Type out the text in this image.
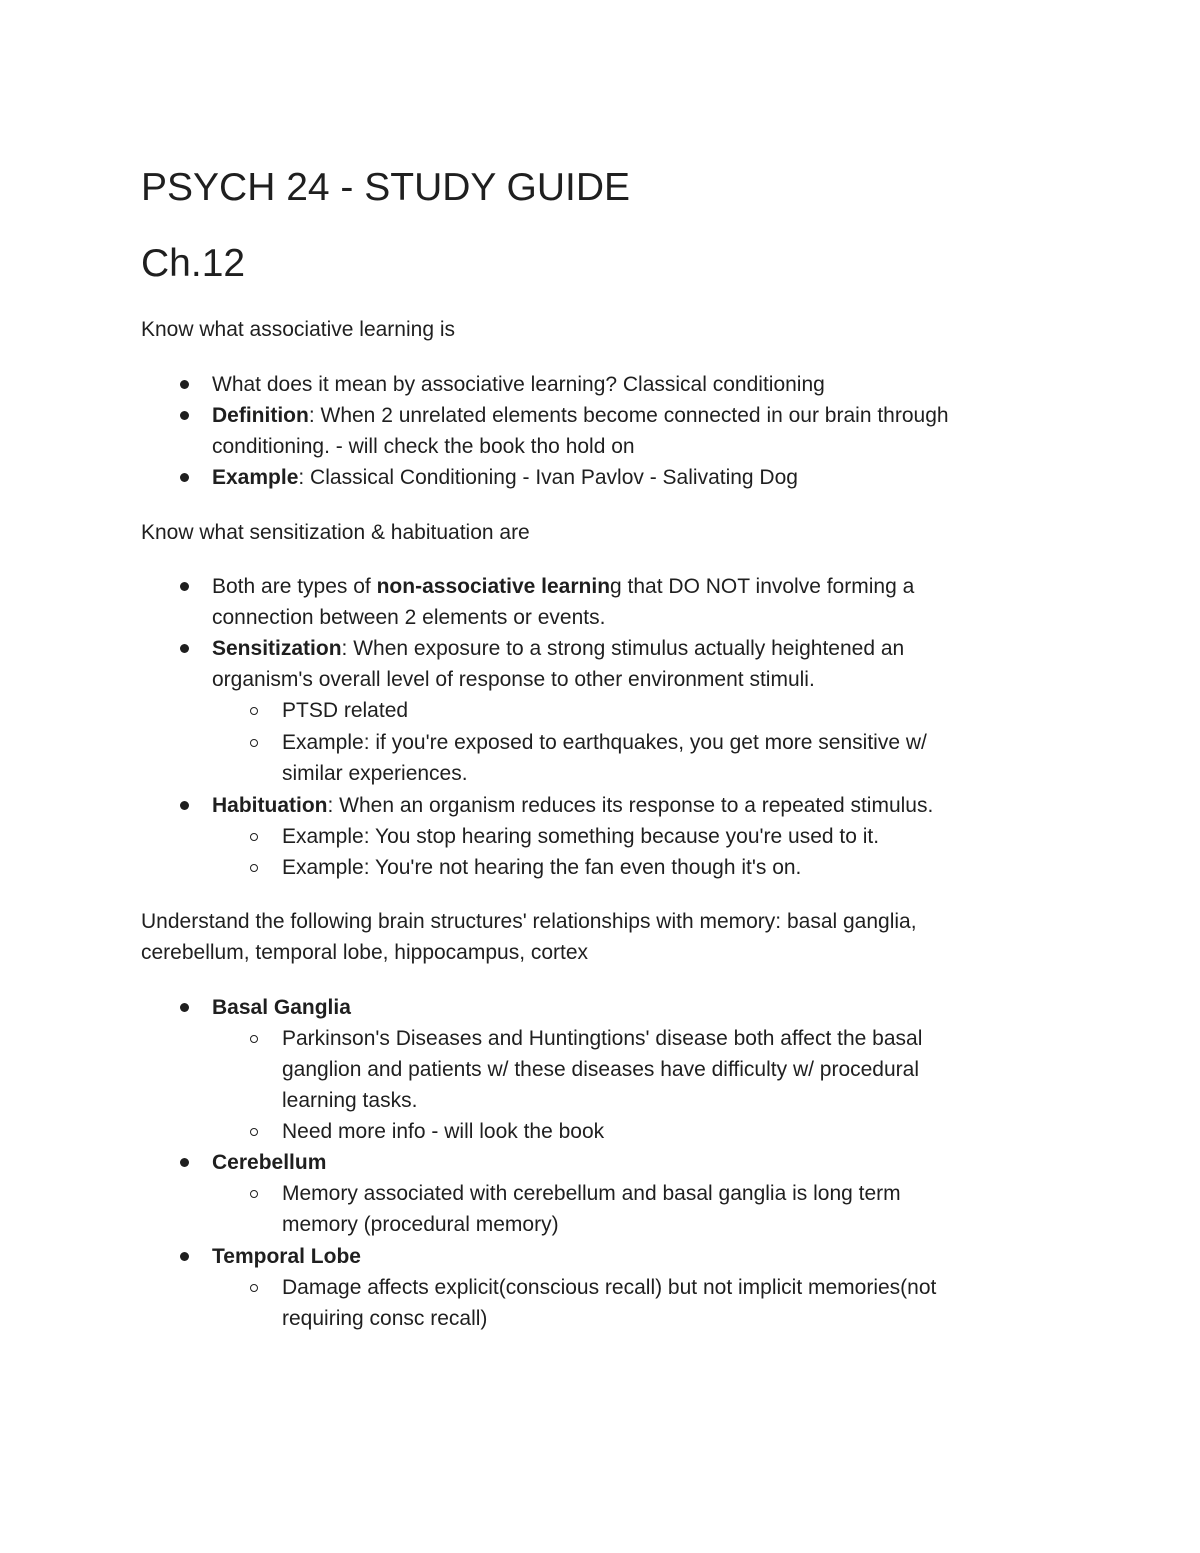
PSYCH 24 - STUDY GUIDE
Ch.12
Know what associative learning is
What does it mean by associative learning? Classical conditioning
Definition: When 2 unrelated elements become connected in our brain through
conditioning. - will check the book tho hold on
Example: Classical Conditioning - Ivan Pavlov - Salivating Dog
Know what sensitization & habituation are
Both are types of non-associative learning that DO NOT involve forming a
connection between 2 elements or events.
Sensitization: When exposure to a strong stimulus actually heightened an
organism's overall level of response to other environment stimuli.
PTSD related
Example: if you're exposed to earthquakes, you get more sensitive w/
similar experiences.
Habituation: When an organism reduces its response to a repeated stimulus.
Example: You stop hearing something because you're used to it.
Example: You're not hearing the fan even though it's on.
Understand the following brain structures' relationships with memory: basal ganglia,
cerebellum, temporal lobe, hippocampus, cortex
Basal Ganglia
Parkinson's Diseases and Huntingtions' disease both affect the basal
ganglion and patients w/ these diseases have difficulty w/ procedural
learning tasks.
Need more info - will look the book
Cerebellum
Memory associated with cerebellum and basal ganglia is long term
memory (procedural memory)
Temporal Lobe
Damage affects explicit(conscious recall) but not implicit memories(not
requiring consc recall)
